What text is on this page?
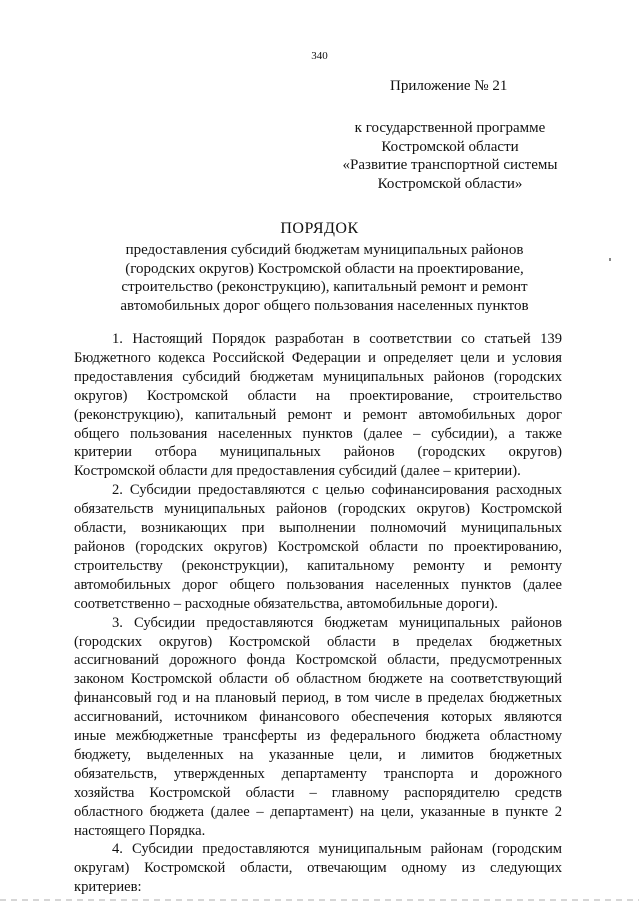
340
Приложение № 21
к государственной программе
Костромской области
«Развитие транспортной системы
Костромской области»
ПОРЯДОК
предоставления субсидий бюджетам муниципальных районов
(городских округов) Костромской области на проектирование,
строительство (реконструкцию), капитальный ремонт и ремонт
автомобильных дорог общего пользования населенных пунктов
1. Настоящий Порядок разработан в соответствии со статьей 139
Бюджетного кодекса Российской Федерации и определяет цели и условия
предоставления субсидий бюджетам муниципальных районов (городских
округов) Костромской области на проектирование, строительство
(реконструкцию), капитальный ремонт и ремонт автомобильных дорог
общего пользования населенных пунктов (далее – субсидии), а также
критерии отбора муниципальных районов (городских округов)
Костромской области для предоставления субсидий (далее – критерии).
2. Субсидии предоставляются с целью софинансирования расходных
обязательств муниципальных районов (городских округов) Костромской
области, возникающих при выполнении полномочий муниципальных
районов (городских округов) Костромской области по проектированию,
строительству (реконструкции), капитальному ремонту и ремонту
автомобильных дорог общего пользования населенных пунктов (далее
соответственно – расходные обязательства, автомобильные дороги).
3. Субсидии предоставляются бюджетам муниципальных районов
(городских округов) Костромской области в пределах бюджетных
ассигнований дорожного фонда Костромской области, предусмотренных
законом Костромской области об областном бюджете на соответствующий
финансовый год и на плановый период, в том числе в пределах бюджетных
ассигнований, источником финансового обеспечения которых являются
иные межбюджетные трансферты из федерального бюджета областному
бюджету, выделенных на указанные цели, и лимитов бюджетных
обязательств, утвержденных департаменту транспорта и дорожного
хозяйства Костромской области – главному распорядителю средств
областного бюджета (далее – департамент) на цели, указанные в пункте 2
настоящего Порядка.
4. Субсидии предоставляются муниципальным районам (городским
округам) Костромской области, отвечающим одному из следующих
критериев:
